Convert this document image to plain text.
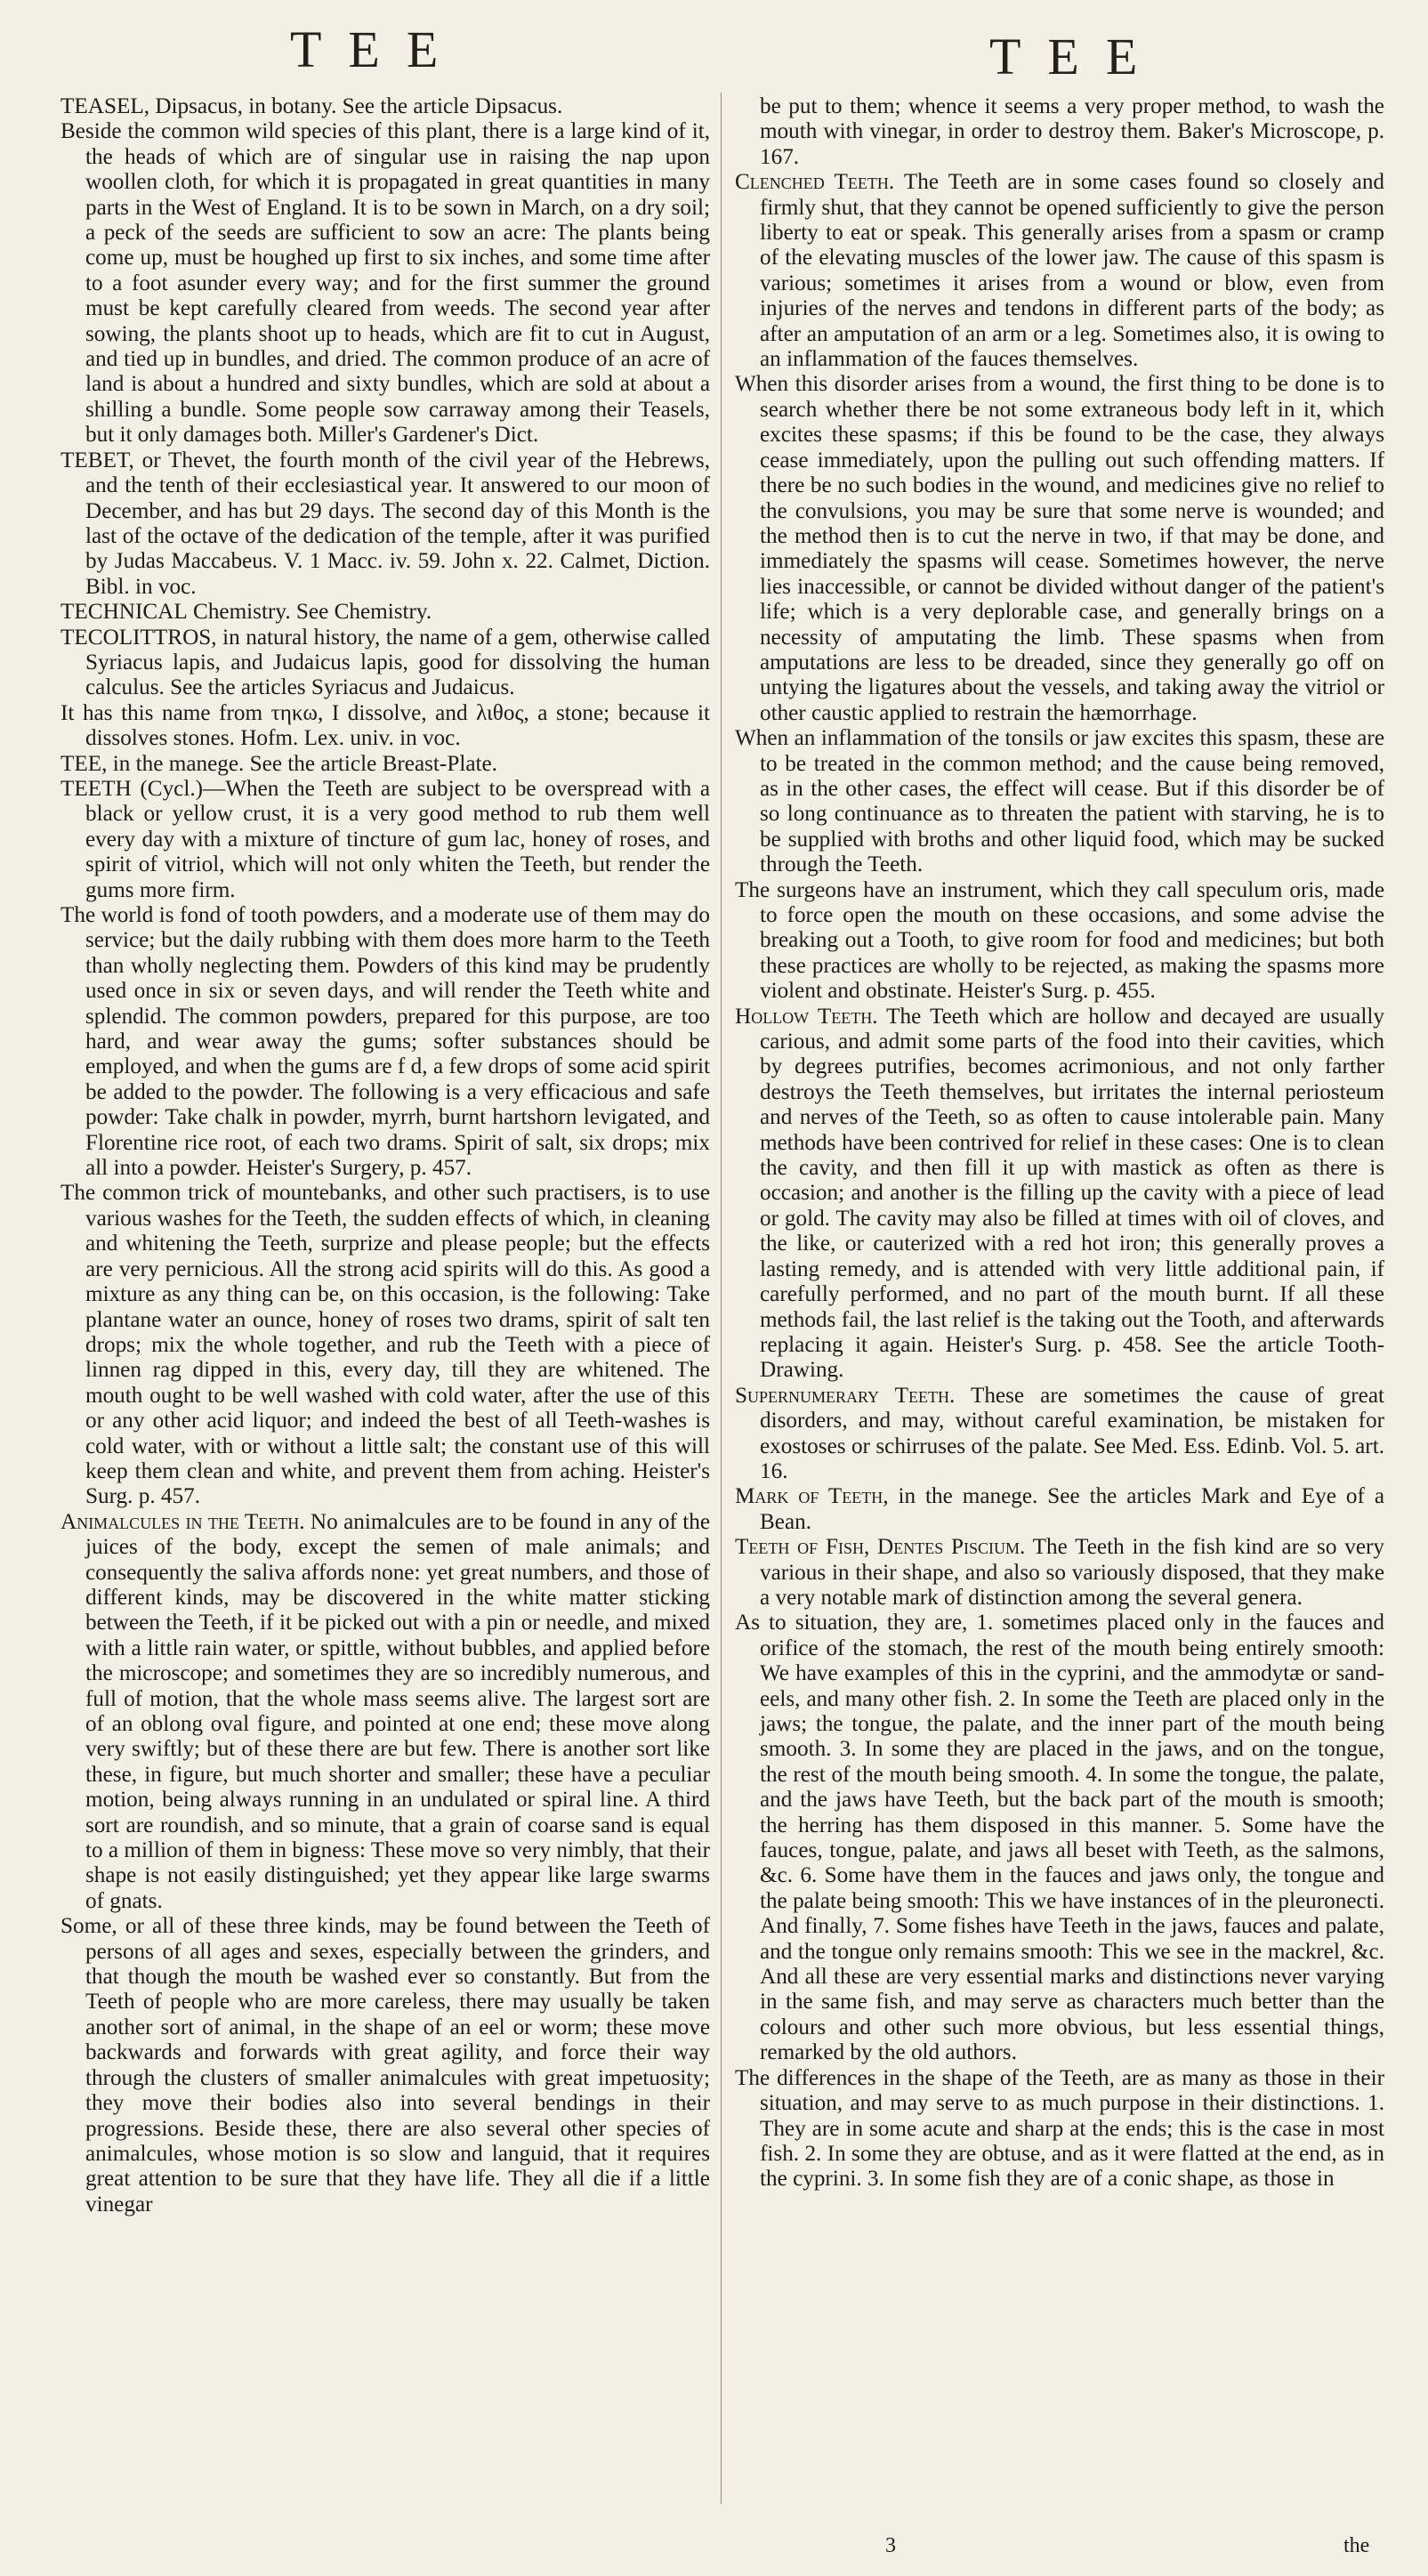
TEE	TEE

TEASEL, Dipsacus, in botany. See the article Dipsacus.

Beside the common wild species of this plant, there is a large kind of it, the heads of which are of singular use in raising the nap upon woollen cloth, for which it is propagated in great quantities in many parts in the West of England. It is to be sown in March, on a dry soil; a peck of the seeds are sufficient to sow an acre: The plants being come up, must be houghed up first to six inches, and some time after to a foot asunder every way; and for the first summer the ground must be kept carefully cleared from weeds. The second year after sowing, the plants shoot up to heads, which are fit to cut in August, and tied up in bundles, and dried. The common produce of an acre of land is about a hundred and sixty bundles, which are sold at about a shilling a bundle. Some people sow carraway among their Teasels, but it only damages both. Miller's Gardener's Dict.

TEBET, or Thevet, the fourth month of the civil year of the Hebrews, and the tenth of their ecclesiastical year. It answered to our moon of December, and has but 29 days. The second day of this Month is the last of the octave of the dedication of the temple, after it was purified by Judas Maccabeus. V. 1 Macc. iv. 59. John x. 22. Calmet, Diction. Bibl. in voc.

TECHNICAL Chemistry. See Chemistry.

TECOLITTROS, in natural history, the name of a gem, otherwise called Syriacus lapis, and Judaicus lapis, good for dissolving the human calculus. See the articles Syriacus and Judaicus.

It has this name from τηκω, I dissolve, and λιθος, a stone; because it dissolves stones. Hofm. Lex. univ. in voc.

TEE, in the manege. See the article Breast-Plate.

TEETH (Cycl.)—When the Teeth are subject to be overspread with a black or yellow crust, it is a very good method to rub them well every day with a mixture of tincture of gum lac, honey of roses, and spirit of vitriol, which will not only whiten the Teeth, but render the gums more firm.

The world is fond of tooth powders, and a moderate use of them may do service; but the daily rubbing with them does more harm to the Teeth than wholly neglecting them. Powders of this kind may be prudently used once in six or seven days, and will render the Teeth white and splendid. The common powders, prepared for this purpose, are too hard, and wear away the gums; softer substances should be employed, and when the gums are f d, a few drops of some acid spirit be added to the powder. The following is a very efficacious and safe powder: Take chalk in powder, myrrh, burnt hartshorn levigated, and Florentine rice root, of each two drams. Spirit of salt, six drops; mix all into a powder. Heister's Surgery, p. 457.

The common trick of mountebanks, and other such practisers, is to use various washes for the Teeth, the sudden effects of which, in cleaning and whitening the Teeth, surprize and please people; but the effects are very pernicious. All the strong acid spirits will do this. As good a mixture as any thing can be, on this occasion, is the following: Take plantane water an ounce, honey of roses two drams, spirit of salt ten drops; mix the whole together, and rub the Teeth with a piece of linnen rag dipped in this, every day, till they are whitened. The mouth ought to be well washed with cold water, after the use of this or any other acid liquor; and indeed the best of all Teeth-washes is cold water, with or without a little salt; the constant use of this will keep them clean and white, and prevent them from aching. Heister's Surg. p. 457.

Animalcules in the Teeth. No animalcules are to be found in any of the juices of the body, except the semen of male animals; and consequently the saliva affords none: yet great numbers, and those of different kinds, may be discovered in the white matter sticking between the Teeth, if it be picked out with a pin or needle, and mixed with a little rain water, or spittle, without bubbles, and applied before the microscope; and sometimes they are so incredibly numerous, and full of motion, that the whole mass seems alive. The largest sort are of an oblong oval figure, and pointed at one end; these move along very swiftly; but of these there are but few. There is another sort like these, in figure, but much shorter and smaller; these have a peculiar motion, being always running in an undulated or spiral line. A third sort are roundish, and so minute, that a grain of coarse sand is equal to a million of them in bigness: These move so very nimbly, that their shape is not easily distinguished; yet they appear like large swarms of gnats.

Some, or all of these three kinds, may be found between the Teeth of persons of all ages and sexes, especially between the grinders, and that though the mouth be washed ever so constantly. But from the Teeth of people who are more careless, there may usually be taken another sort of animal, in the shape of an eel or worm; these move backwards and forwards with great agility, and force their way through the clusters of smaller animalcules with great impetuosity; they move their bodies also into several bendings in their progressions. Beside these, there are also several other species of animalcules, whose motion is so slow and languid, that it requires great attention to be sure that they have life. They all die if a little vinegar

be put to them; whence it seems a very proper method, to wash the mouth with vinegar, in order to destroy them. Baker's Microscope, p. 167.

Clenched Teeth. The Teeth are in some cases found so closely and firmly shut, that they cannot be opened sufficiently to give the person liberty to eat or speak. This generally arises from a spasm or cramp of the elevating muscles of the lower jaw. The cause of this spasm is various; sometimes it arises from a wound or blow, even from injuries of the nerves and tendons in different parts of the body; as after an amputation of an arm or a leg. Sometimes also, it is owing to an inflammation of the fauces themselves.

When this disorder arises from a wound, the first thing to be done is to search whether there be not some extraneous body left in it, which excites these spasms; if this be found to be the case, they always cease immediately, upon the pulling out such offending matters. If there be no such bodies in the wound, and medicines give no relief to the convulsions, you may be sure that some nerve is wounded; and the method then is to cut the nerve in two, if that may be done, and immediately the spasms will cease. Sometimes however, the nerve lies inaccessible, or cannot be divided without danger of the patient's life; which is a very deplorable case, and generally brings on a necessity of amputating the limb. These spasms when from amputations are less to be dreaded, since they generally go off on untying the ligatures about the vessels, and taking away the vitriol or other caustic applied to restrain the hæmorrhage.

When an inflammation of the tonsils or jaw excites this spasm, these are to be treated in the common method; and the cause being removed, as in the other cases, the effect will cease. But if this disorder be of so long continuance as to threaten the patient with starving, he is to be supplied with broths and other liquid food, which may be sucked through the Teeth.

The surgeons have an instrument, which they call speculum oris, made to force open the mouth on these occasions, and some advise the breaking out a Tooth, to give room for food and medicines; but both these practices are wholly to be rejected, as making the spasms more violent and obstinate. Heister's Surg. p. 455.

Hollow Teeth. The Teeth which are hollow and decayed are usually carious, and admit some parts of the food into their cavities, which by degrees putrifies, becomes acrimonious, and not only farther destroys the Teeth themselves, but irritates the internal periosteum and nerves of the Teeth, so as often to cause intolerable pain. Many methods have been contrived for relief in these cases: One is to clean the cavity, and then fill it up with mastick as often as there is occasion; and another is the filling up the cavity with a piece of lead or gold. The cavity may also be filled at times with oil of cloves, and the like, or cauterized with a red hot iron; this generally proves a lasting remedy, and is attended with very little additional pain, if carefully performed, and no part of the mouth burnt. If all these methods fail, the last relief is the taking out the Tooth, and afterwards replacing it again. Heister's Surg. p. 458. See the article Tooth-Drawing.

Supernumerary Teeth. These are sometimes the cause of great disorders, and may, without careful examination, be mistaken for exostoses or schirruses of the palate. See Med. Ess. Edinb. Vol. 5. art. 16.

Mark of Teeth, in the manege. See the articles Mark and Eye of a Bean.

Teeth of Fish, Dentes Piscium. The Teeth in the fish kind are so very various in their shape, and also so variously disposed, that they make a very notable mark of distinction among the several genera.

As to situation, they are, 1. sometimes placed only in the fauces and orifice of the stomach, the rest of the mouth being entirely smooth: We have examples of this in the cyprini, and the ammodytæ or sand-eels, and many other fish. 2. In some the Teeth are placed only in the jaws; the tongue, the palate, and the inner part of the mouth being smooth. 3. In some they are placed in the jaws, and on the tongue, the rest of the mouth being smooth. 4. In some the tongue, the palate, and the jaws have Teeth, but the back part of the mouth is smooth; the herring has them disposed in this manner. 5. Some have the fauces, tongue, palate, and jaws all beset with Teeth, as the salmons, &c. 6. Some have them in the fauces and jaws only, the tongue and the palate being smooth: This we have instances of in the pleuronecti. And finally, 7. Some fishes have Teeth in the jaws, fauces and palate, and the tongue only remains smooth: This we see in the mackrel, &c. And all these are very essential marks and distinctions never varying in the same fish, and may serve as characters much better than the colours and other such more obvious, but less essential things, remarked by the old authors.

The differences in the shape of the Teeth, are as many as those in their situation, and may serve to as much purpose in their distinctions. 1. They are in some acute and sharp at the ends; this is the case in most fish. 2. In some they are obtuse, and as it were flatted at the end, as in the cyprini. 3. In some fish they are of a conic shape, as those in

3	the
